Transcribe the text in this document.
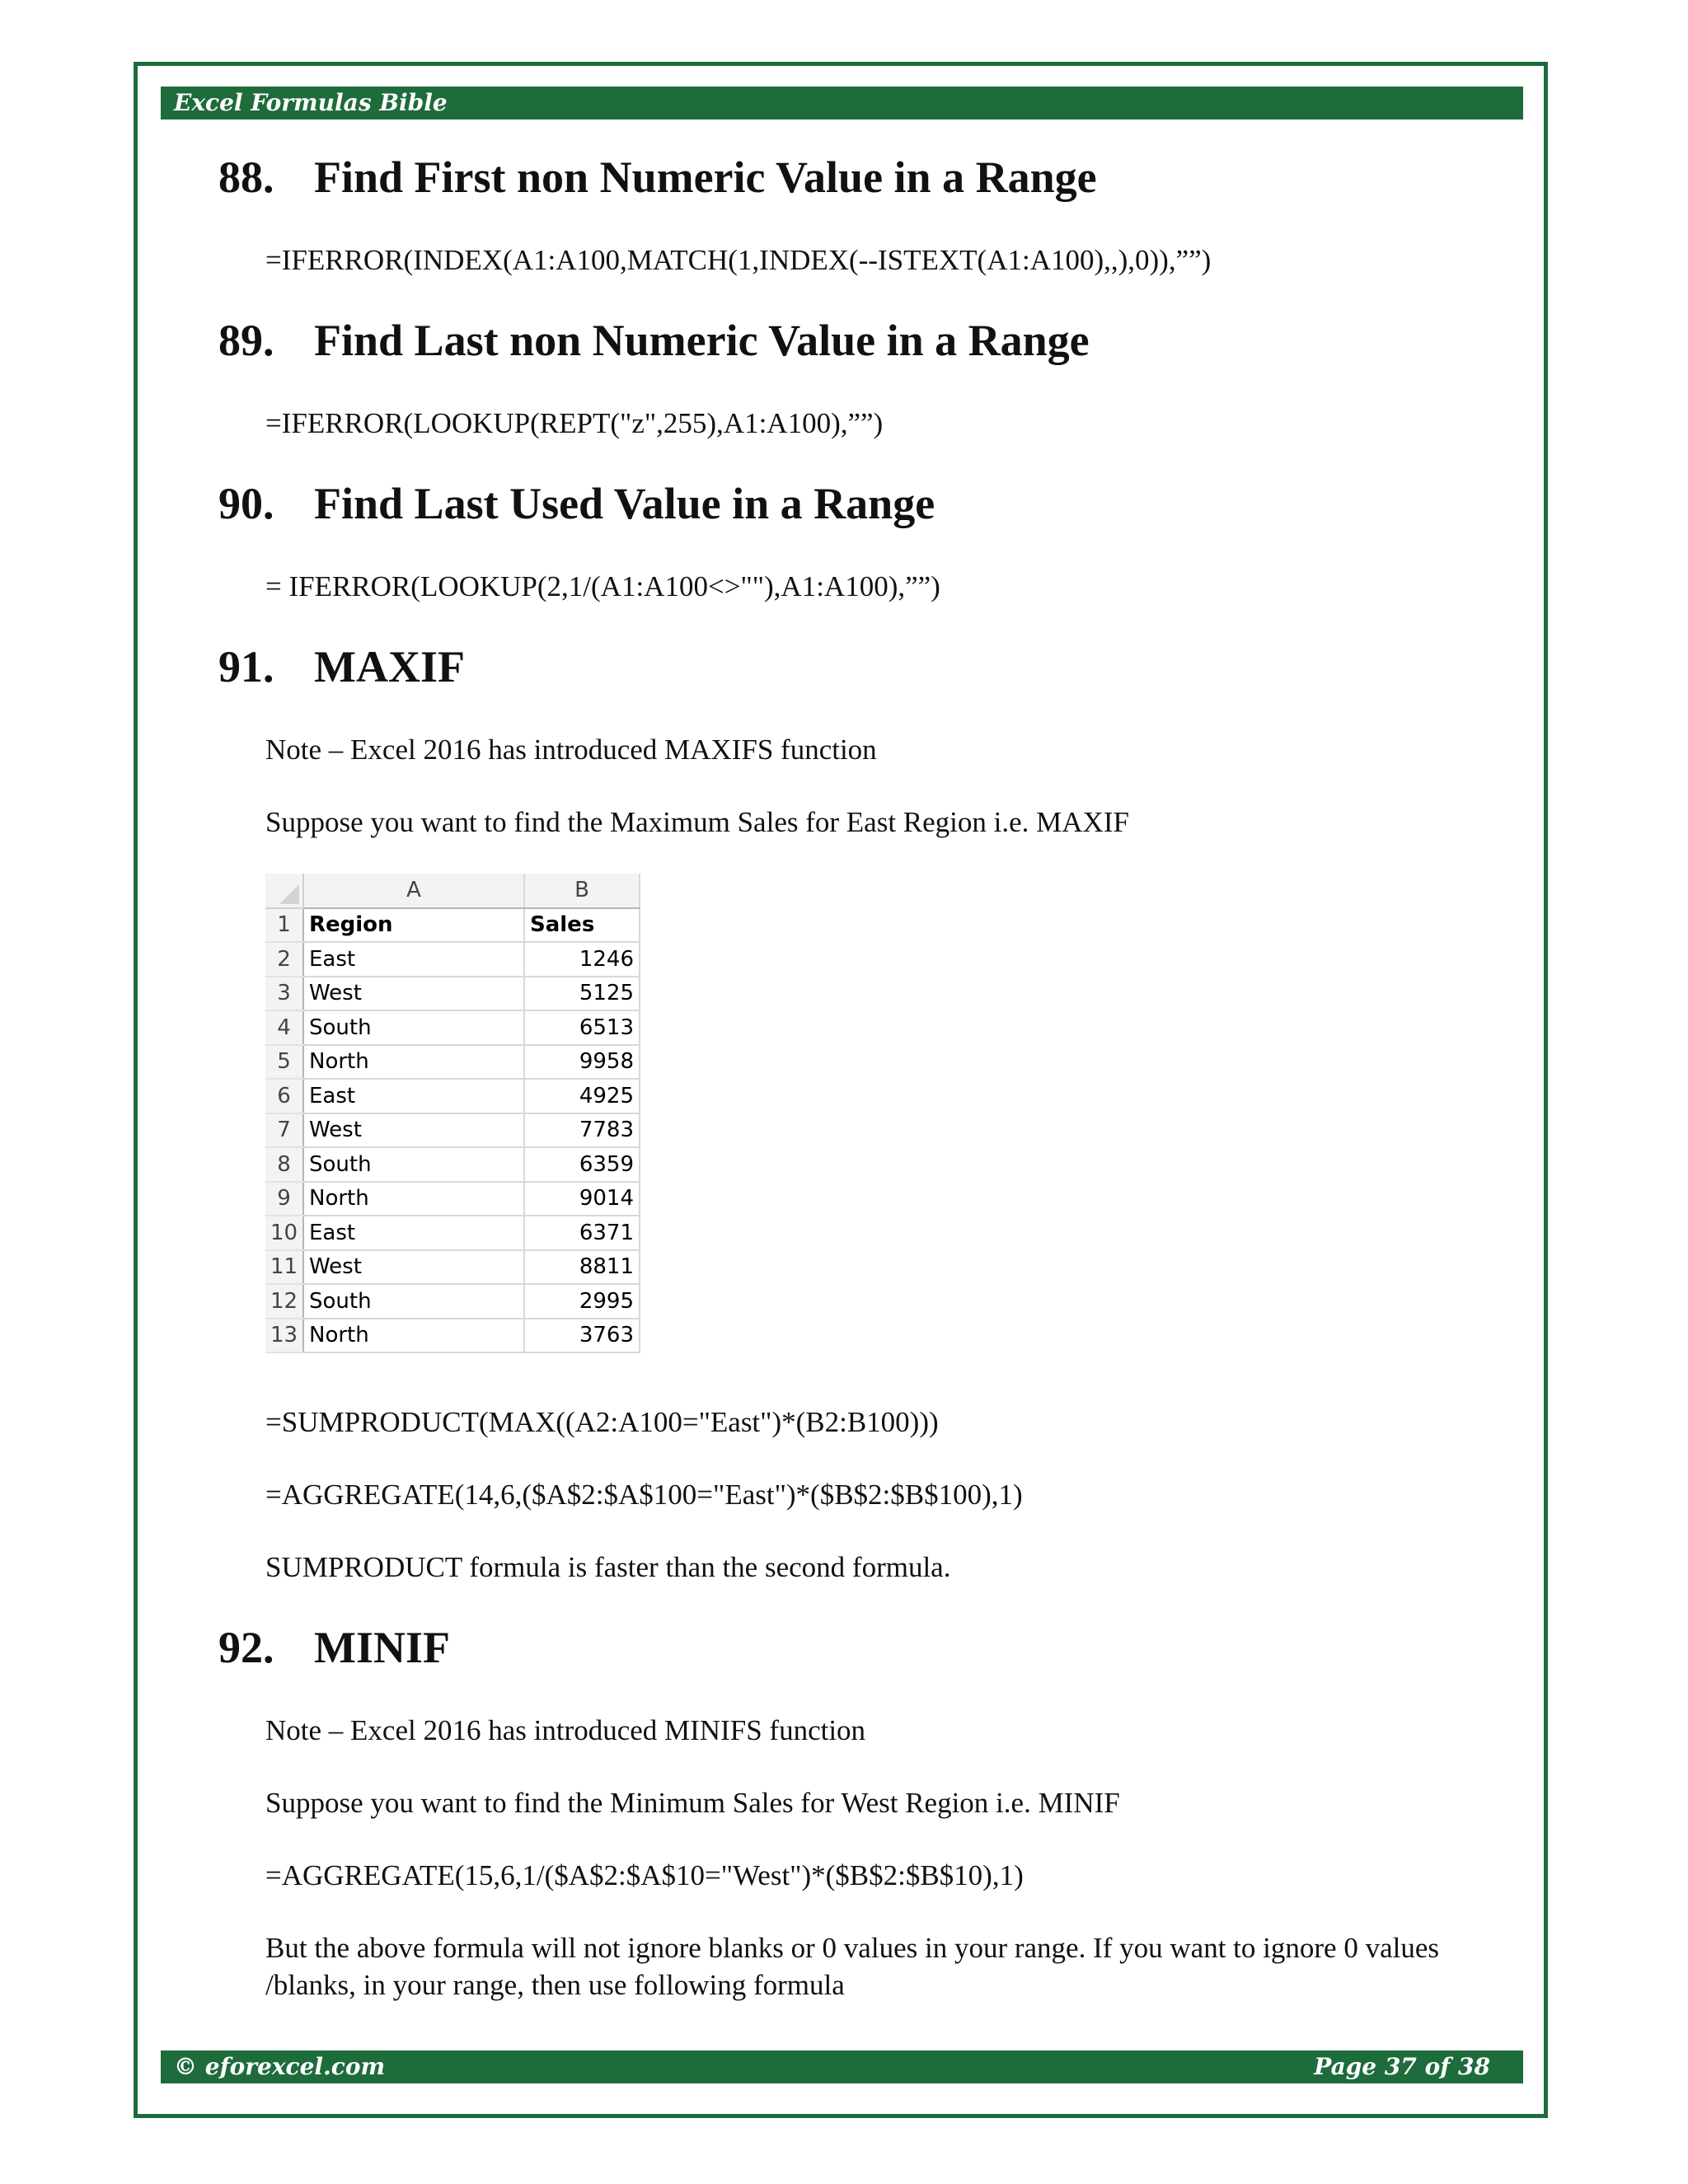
Excel Formulas Bible
88. Find First non Numeric Value in a Range

=IFERROR(INDEX(A1:A100,MATCH(1,INDEX(--ISTEXT(A1:A100),,),0)),””)

89. Find Last non Numeric Value in a Range

=IFERROR(LOOKUP(REPT("z",255),A1:A100),””)

90. Find Last Used Value in a Range

= IFERROR(LOOKUP(2,1/(A1:A100<>""),A1:A100),””)

91. MAXIF

Note – Excel 2016 has introduced MAXIFS function

Suppose you want to find the Maximum Sales for East Region i.e. MAXIF

	A	B
1	Region	Sales
2	East	1246
3	West	5125
4	South	6513
5	North	9958
6	East	4925
7	West	7783
8	South	6359
9	North	9014
10	East	6371
11	West	8811
12	South	2995
13	North	3763

=SUMPRODUCT(MAX((A2:A100="East")*(B2:B100)))

=AGGREGATE(14,6,($A$2:$A$100="East")*($B$2:$B$100),1)

SUMPRODUCT formula is faster than the second formula.

92. MINIF

Note – Excel 2016 has introduced MINIFS function

Suppose you want to find the Minimum Sales for West Region i.e. MINIF

=AGGREGATE(15,6,1/($A$2:$A$10="West")*($B$2:$B$10),1)

But the above formula will not ignore blanks or 0 values in your range. If you want to ignore 0 values /blanks, in your range, then use following formula

© eforexcel.com	Page 37 of 38
